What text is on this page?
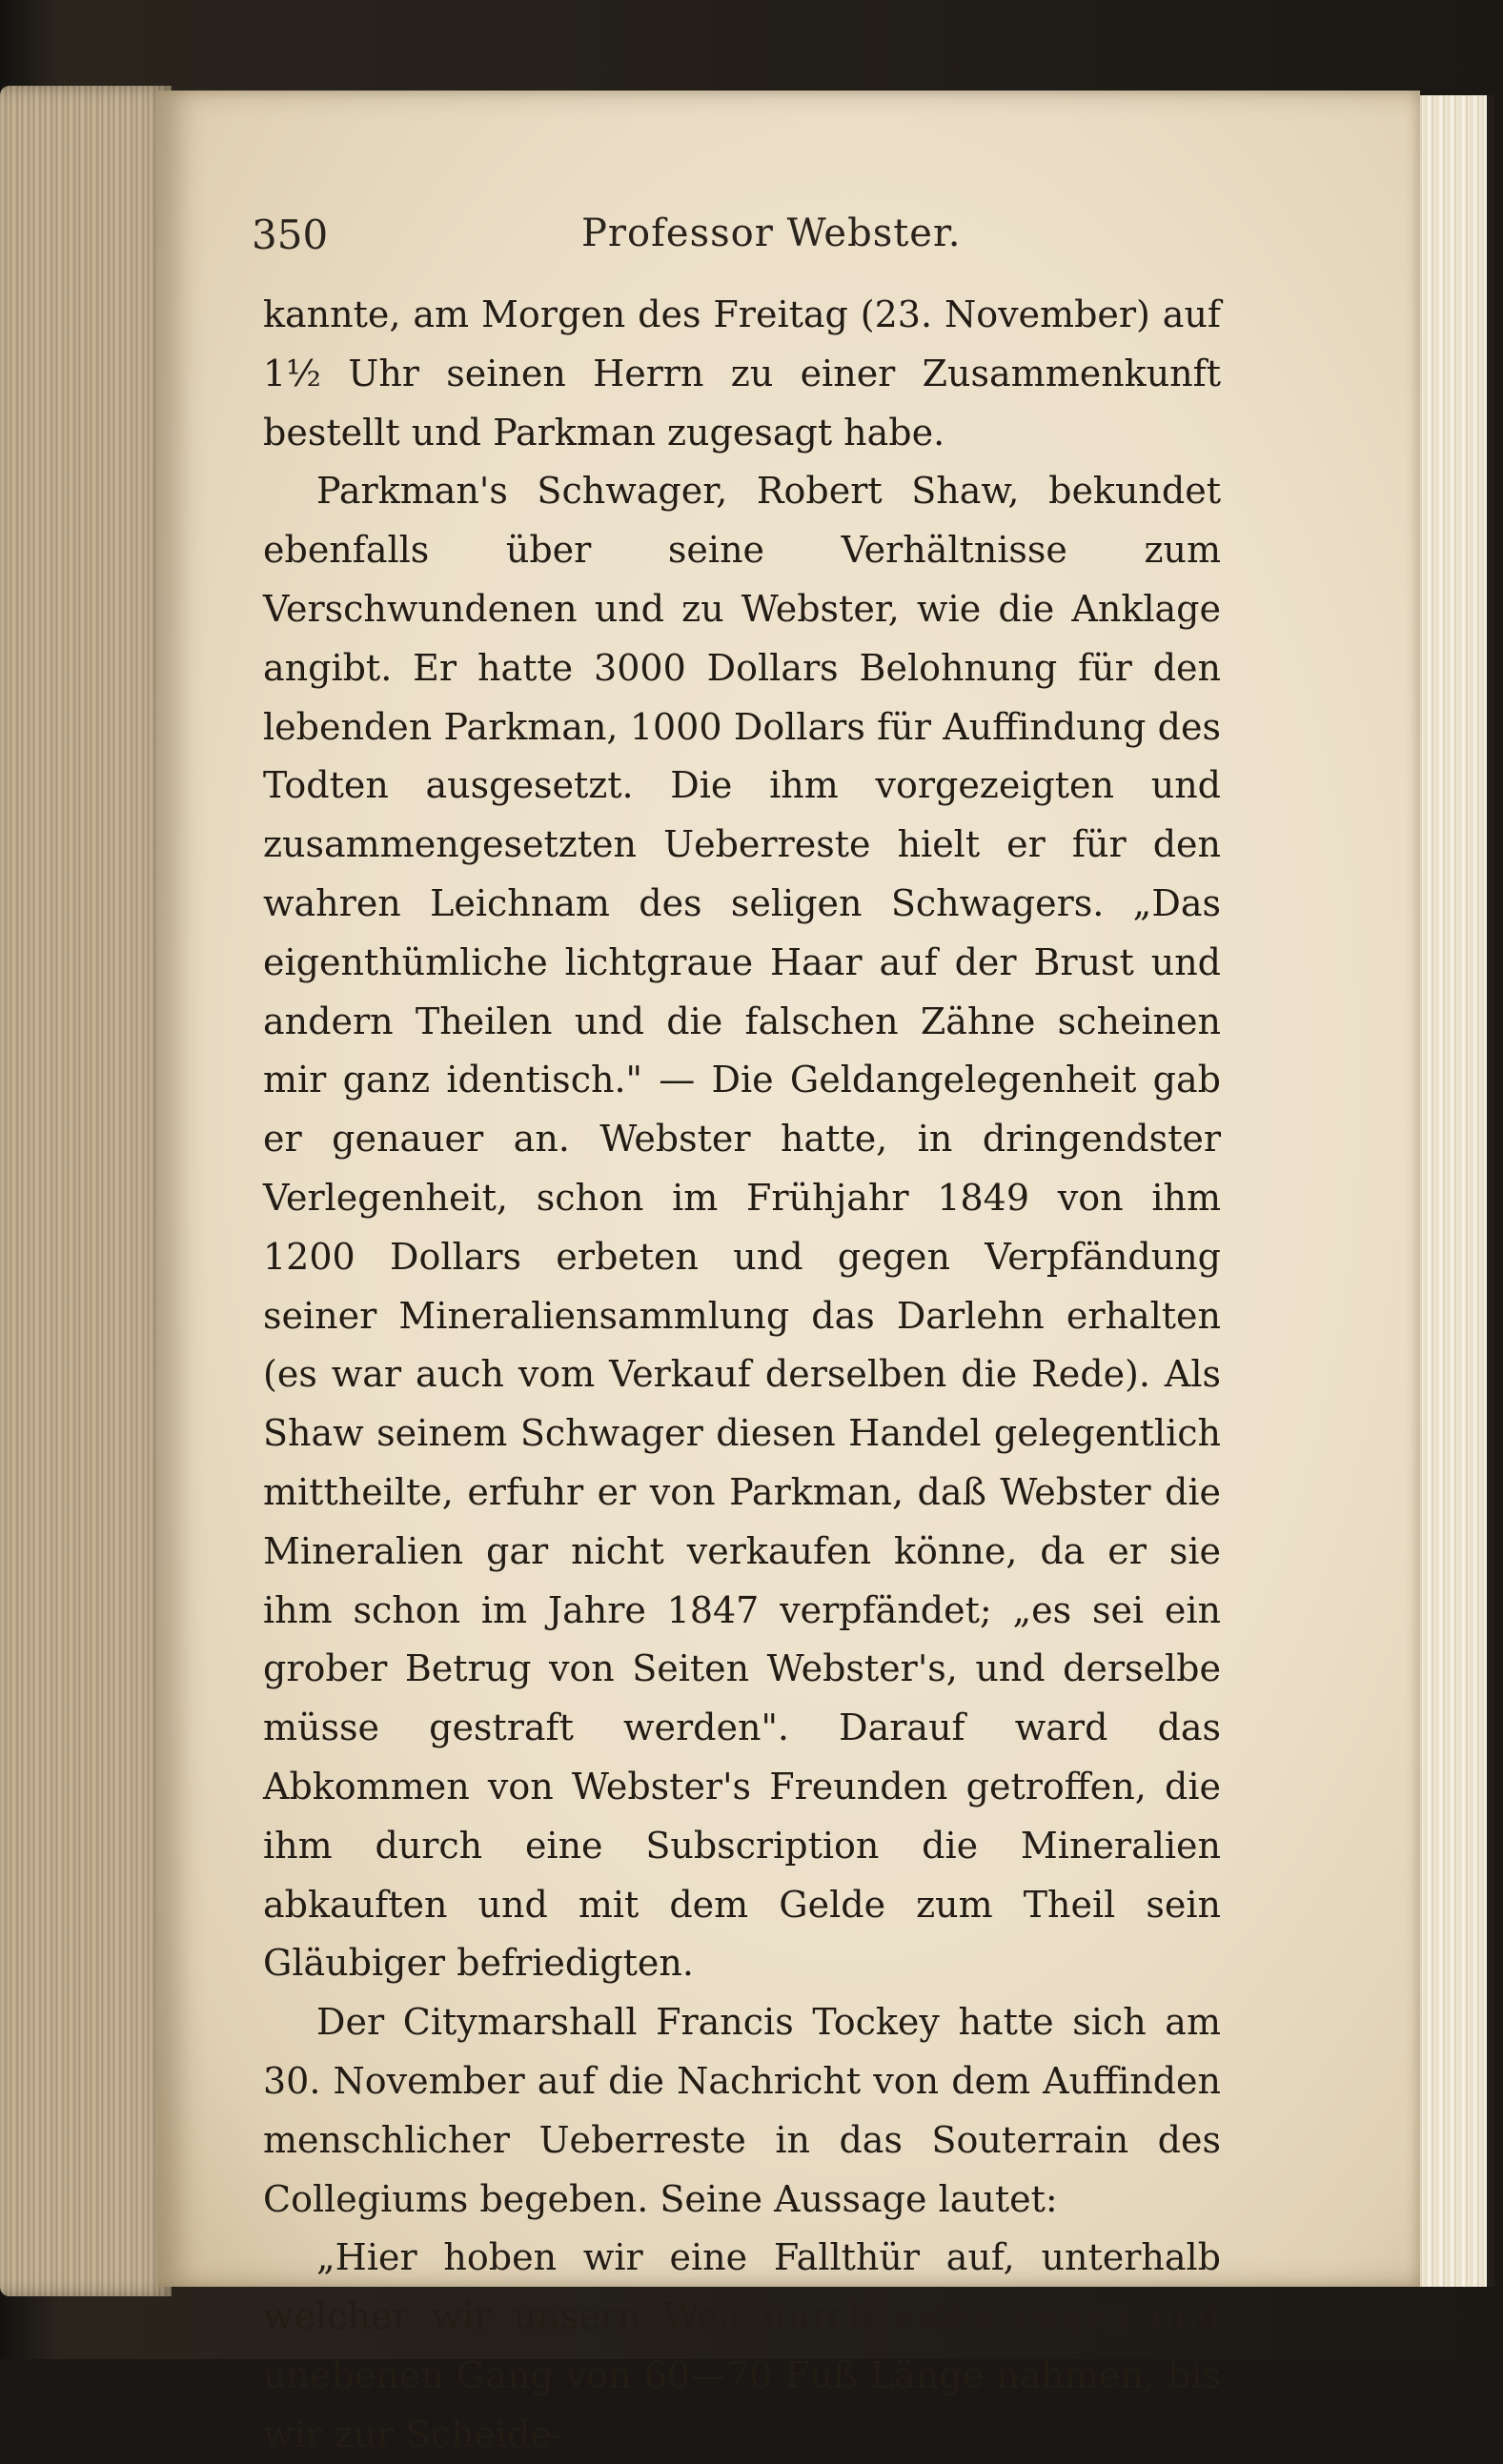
350	Professor Webster.

kannte, am Morgen des Freitag (23. November) auf 1½ Uhr seinen Herrn zu einer Zusammenkunft bestellt und Parkman zugesagt habe.

Parkman's Schwager, Robert Shaw, bekundet ebenfalls über seine Verhältnisse zum Verschwundenen und zu Webster, wie die Anklage angibt. Er hatte 3000 Dollars Belohnung für den lebenden Parkman, 1000 Dollars für Auffindung des Todten ausgesetzt. Die ihm vorgezeigten und zusammengesetzten Ueberreste hielt er für den wahren Leichnam des seligen Schwagers. „Das eigenthümliche lichtgraue Haar auf der Brust und andern Theilen und die falschen Zähne scheinen mir ganz identisch." — Die Geldangelegenheit gab er genauer an. Webster hatte, in dringendster Verlegenheit, schon im Frühjahr 1849 von ihm 1200 Dollars erbeten und gegen Verpfändung seiner Mineraliensammlung das Darlehn erhalten (es war auch vom Verkauf derselben die Rede). Als Shaw seinem Schwager diesen Handel gelegentlich mittheilte, erfuhr er von Parkman, daß Webster die Mineralien gar nicht verkaufen könne, da er sie ihm schon im Jahre 1847 verpfändet; „es sei ein grober Betrug von Seiten Webster's, und derselbe müsse gestraft werden". Darauf ward das Abkommen von Webster's Freunden getroffen, die ihm durch eine Subscription die Mineralien abkauften und mit dem Gelde zum Theil sein Gläubiger befriedigten.

Der Citymarshall Francis Tockey hatte sich am 30. November auf die Nachricht von dem Auffinden menschlicher Ueberreste in das Souterrain des Collegiums begeben. Seine Aussage lautet:

„Hier hoben wir eine Fallthür auf, unterhalb welcher wir unsern Weg durch einen engen und unebenen Gang von 60—70 Fuß Länge nahmen, bis wir zur Scheide-
